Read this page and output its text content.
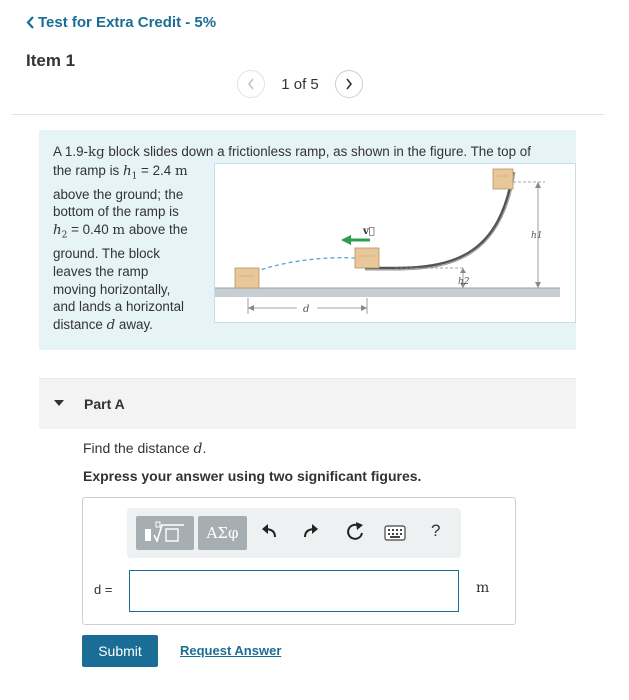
Test for Extra Credit - 5%
Item 1
1 of 5
A 1.9-kg block slides down a frictionless ramp, as shown in the figure. The top of
the ramp is $h_1 = 2.4$ m
above the ground; the
bottom of the ramp is
$h_2 = 0.40$ m above the
ground. The block
leaves the ramp
moving horizontally,
and lands a horizontal
distance d away.
v⃗	h1
h2
d
Part A
Find the distance d.
Express your answer using two significant figures.
ΑΣφ	?
d =	m
Submit	Request Answer
